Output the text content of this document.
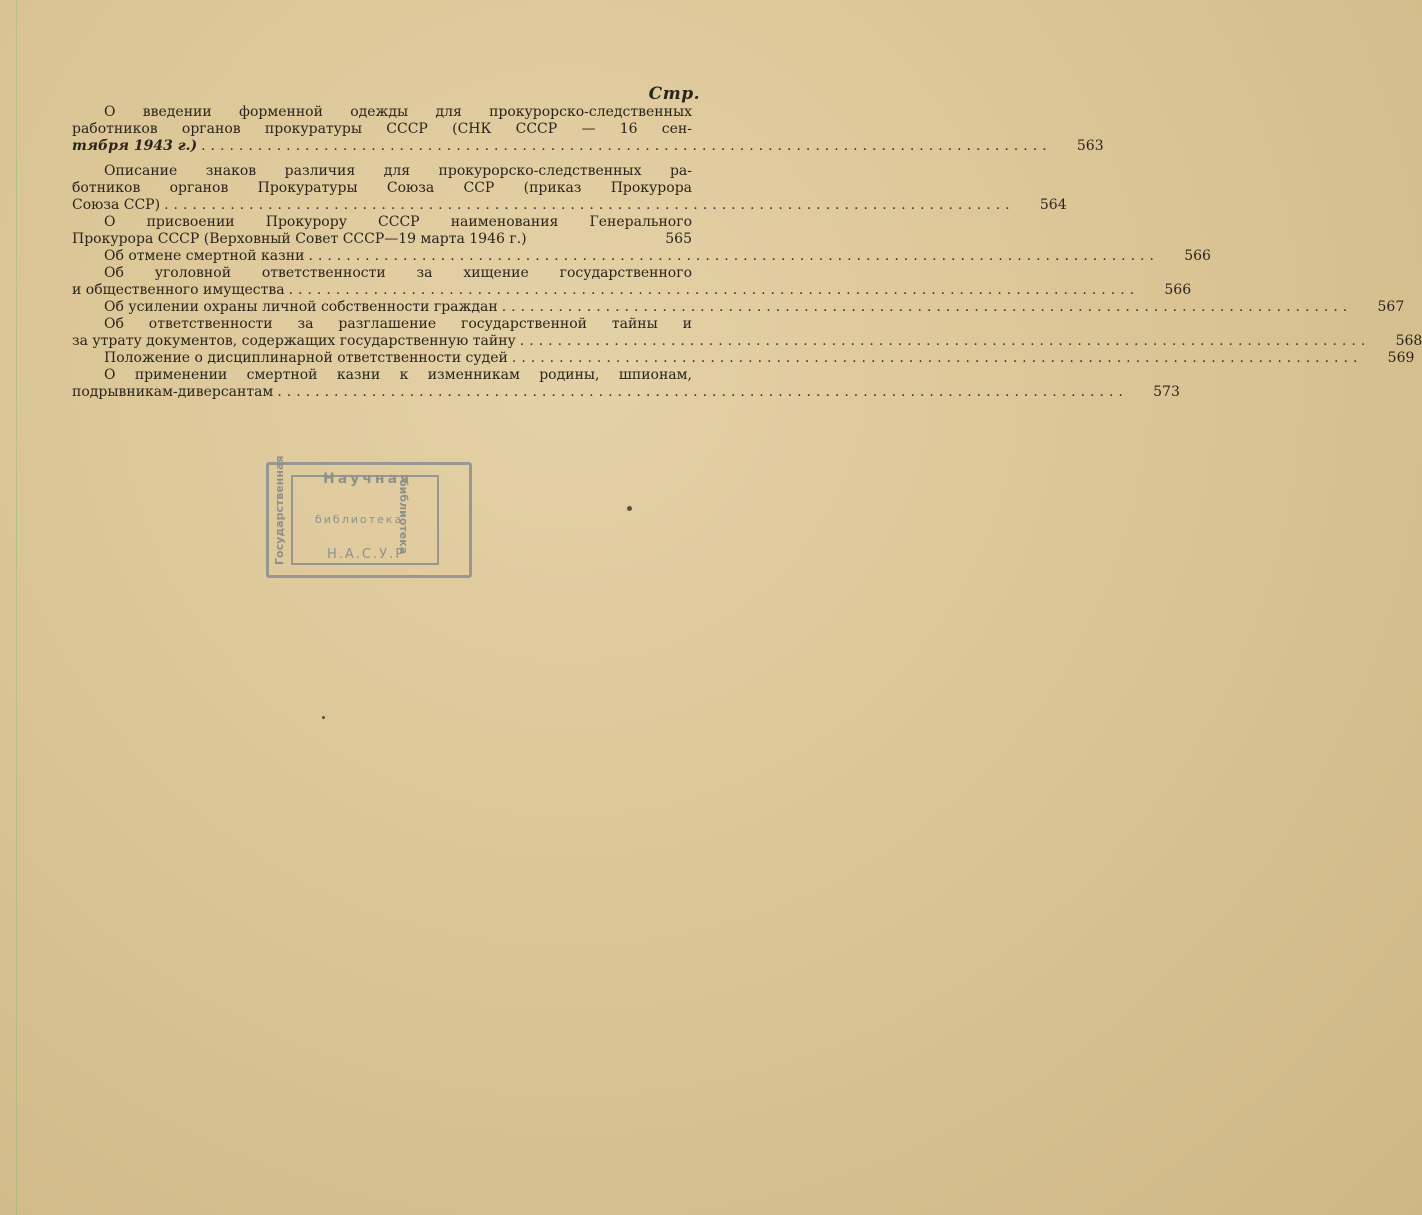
Стр.
О введении форменной одежды для прокурорско-следственных
работников органов прокуратуры СССР (СНК СССР — 16 сен-
тября 1943 г.) ..........................................................................................	563
Описание знаков различия для прокурорско-следственных ра-
ботников органов Прокуратуры Союза ССР (приказ Прокурора
Союза ССР) ..........................................................................................	564
О присвоении Прокурору СССР наименования Генерального
Прокурора СССР (Верховный Совет СССР—19 марта 1946 г.)	565
Об отмене смертной казни ..........................................................................................	566
Об уголовной ответственности за хищение государственного
и общественного имущества ..........................................................................................	566
Об усилении охраны личной собственности граждан ..........................................................................................	567
Об ответственности за разглашение государственной тайны и
за утрату документов, содержащих государственную тайну ..........................................................................................	568
Положение о дисциплинарной ответственности судей ..........................................................................................	569
О применении смертной казни к изменникам родины, шпионам,
подрывникам-диверсантам ..........................................................................................	573
Научная
библиотека
Н.А.С.У.Р
Государственная	библиотека
